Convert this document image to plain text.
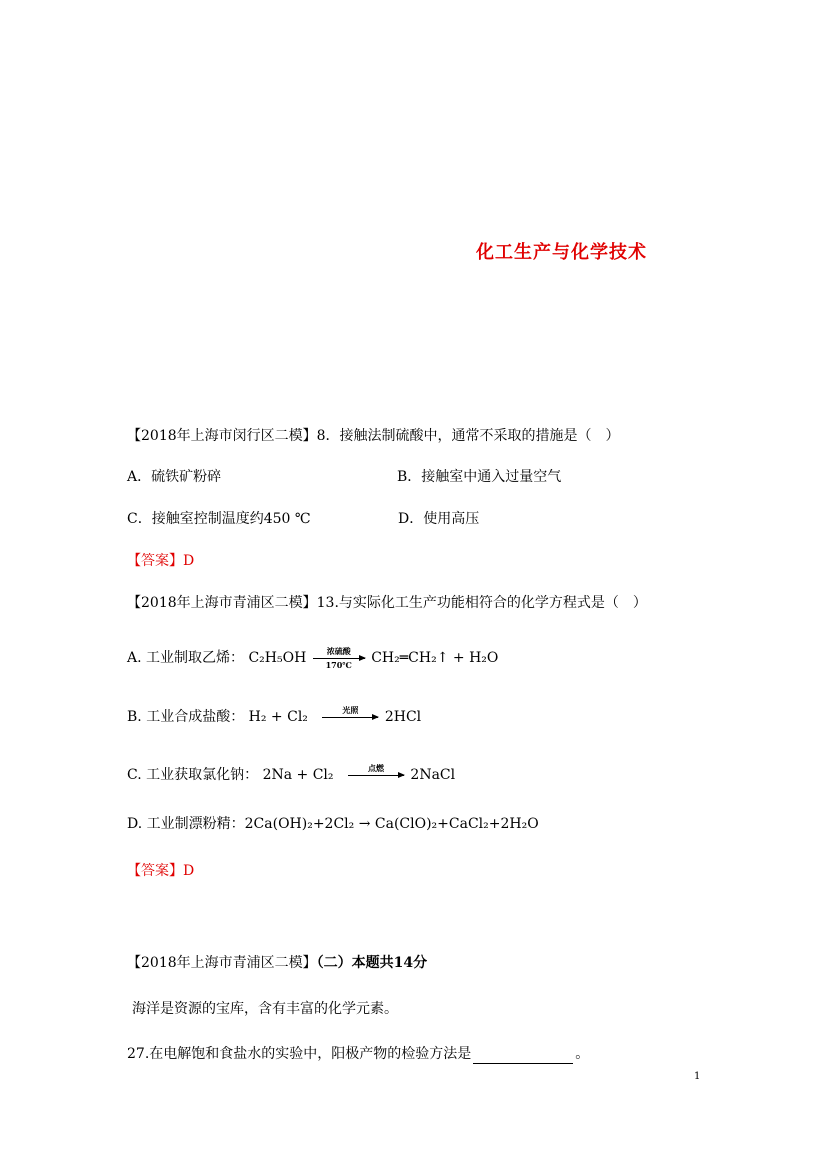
化工生产与化学技术
【2018年上海市闵行区二模】8．接触法制硫酸中，通常不采取的措施是（　）
A．硫铁矿粉碎	B．接触室中通入过量空气
C．接触室控制温度约450 ℃	D．使用高压
【答案】D
【2018年上海市青浦区二模】13.与实际化工生产功能相符合的化学方程式是（　）
A. 工业制取乙烯： C₂H₅OH	浓硫酸
170℃	CH₂═CH₂↑ + H₂O
B. 工业合成盐酸： H₂ + Cl₂	光照	2HCl
C. 工业获取氯化钠： 2Na + Cl₂	点燃	2NaCl
D. 工业制漂粉精：2Ca(OH)₂+2Cl₂ → Ca(ClO)₂+CaCl₂+2H₂O
【答案】D
【2018年上海市青浦区二模】（二）本题共14分
海洋是资源的宝库，含有丰富的化学元素。
27.在电解饱和食盐水的实验中，阳极产物的检验方法是	。
1
